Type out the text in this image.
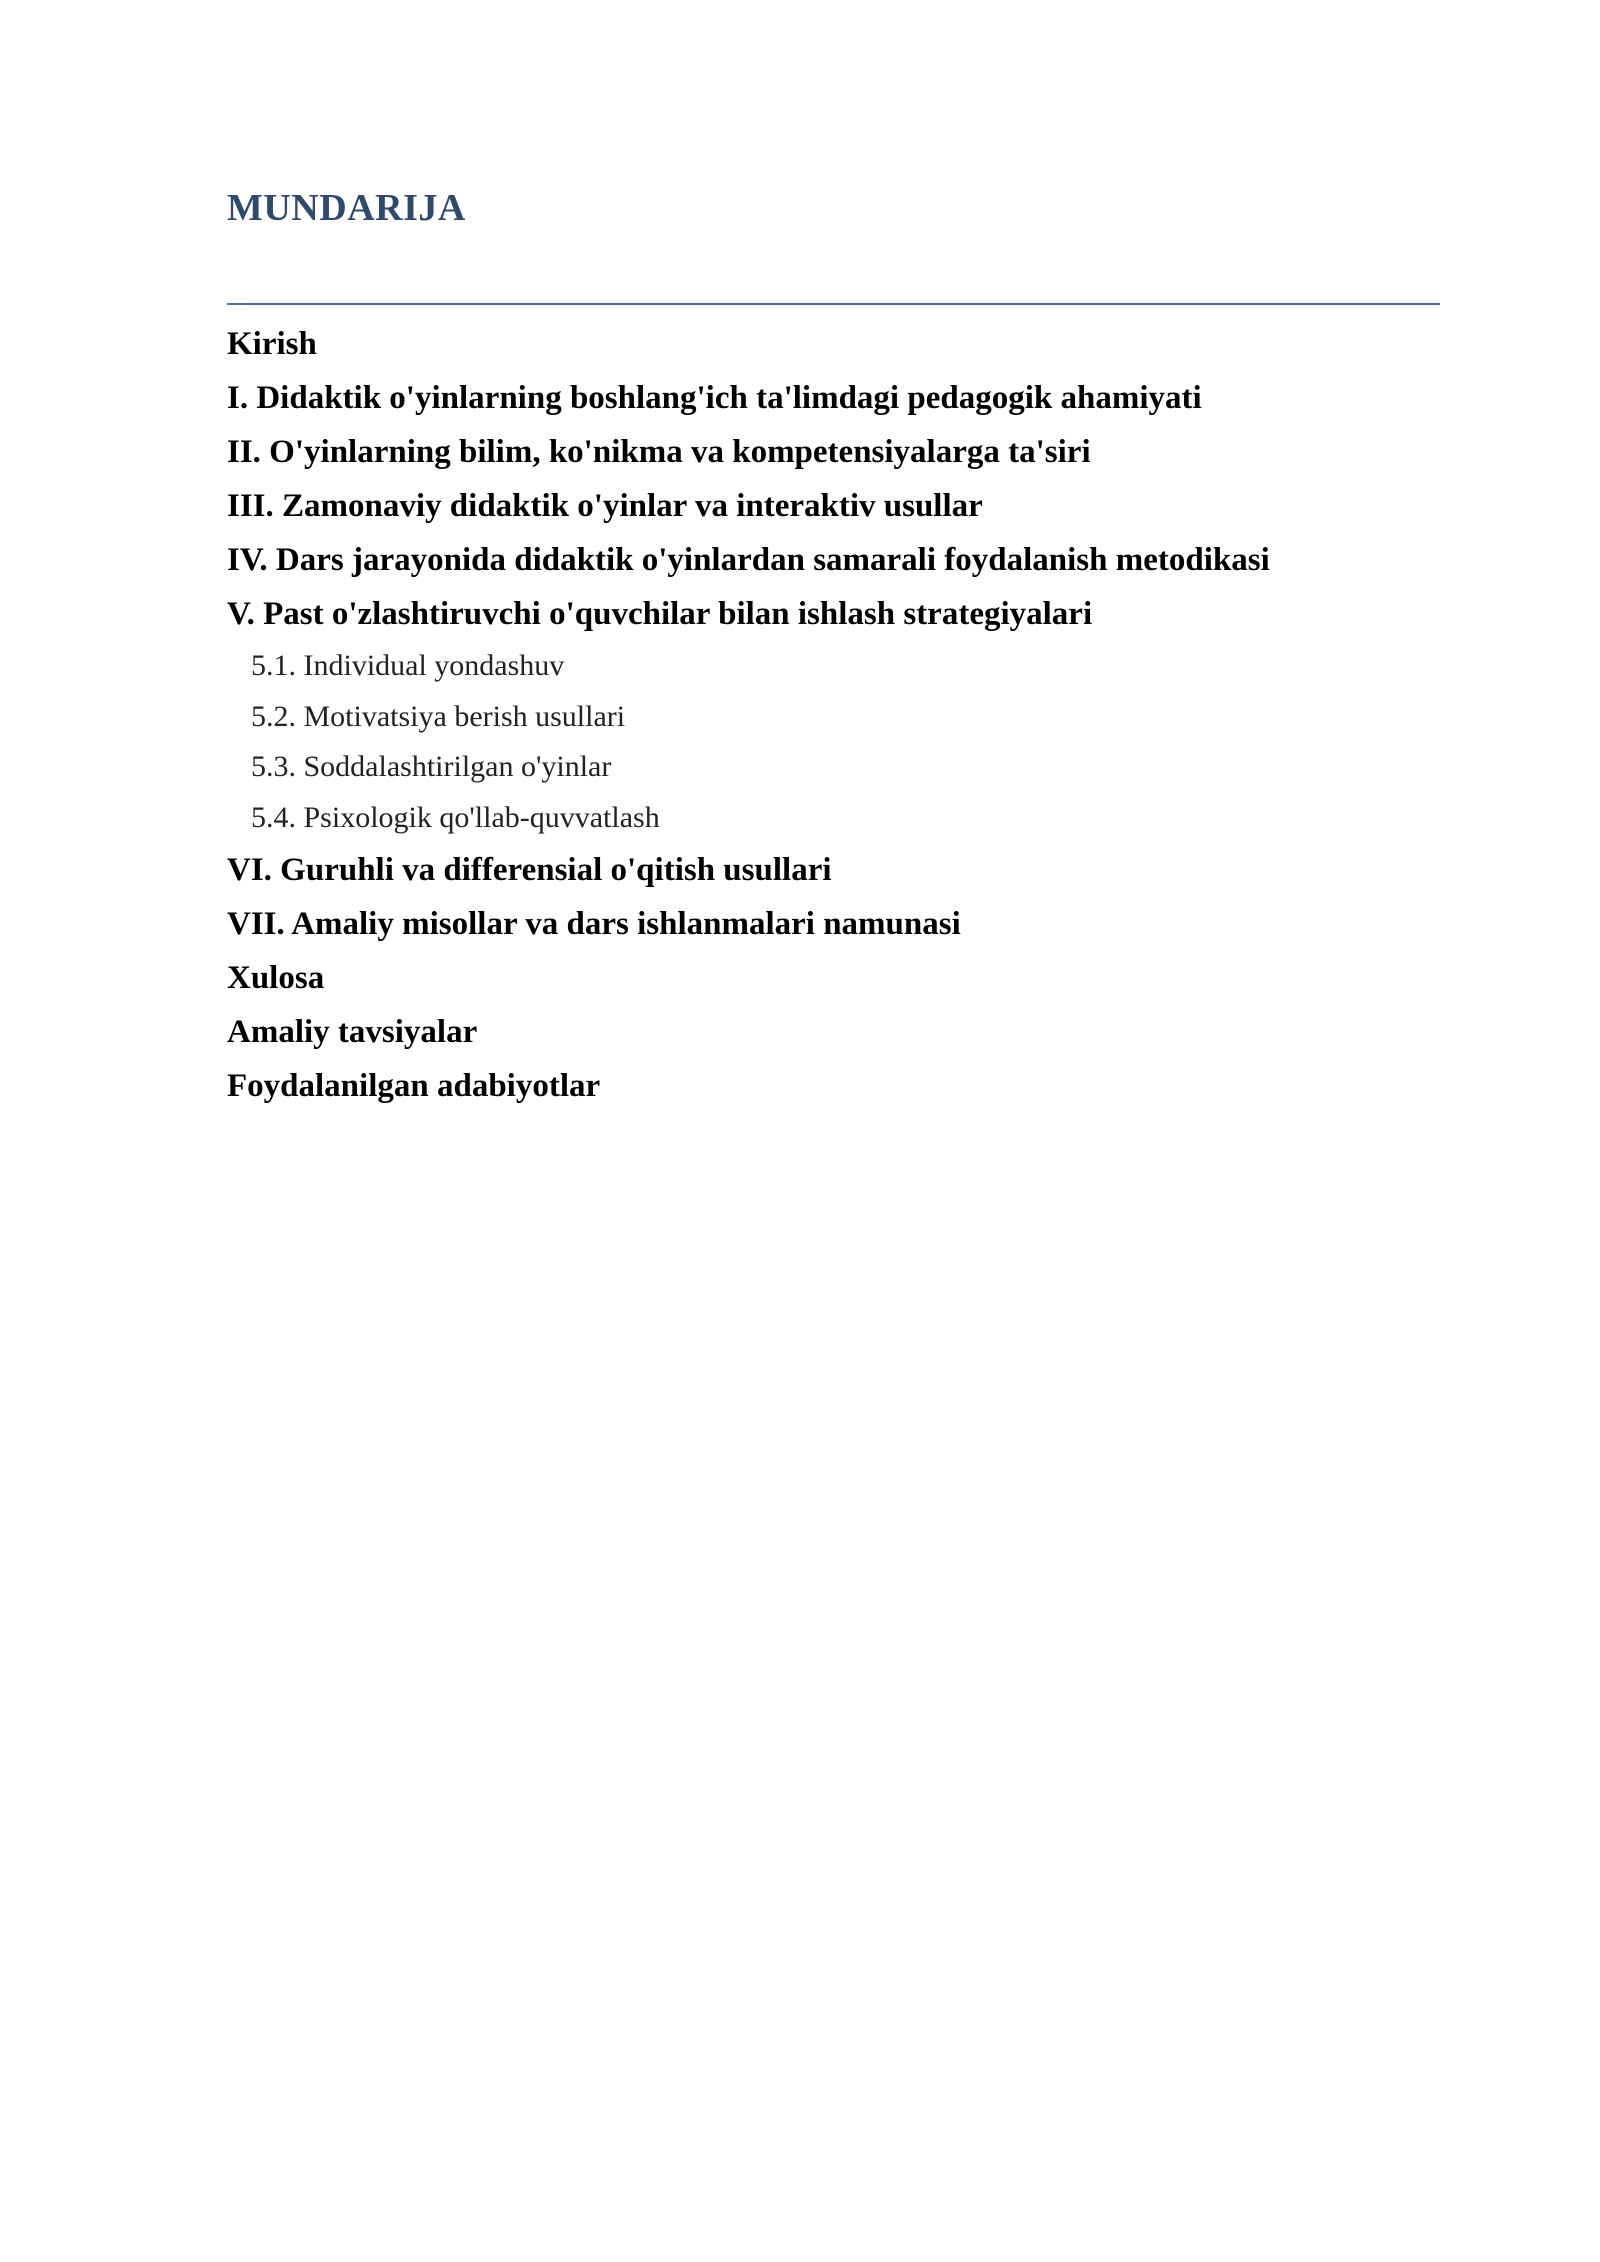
MUNDARIJA
Kirish
I. Didaktik o'yinlarning boshlang'ich ta'limdagi pedagogik ahamiyati
II. O'yinlarning bilim, ko'nikma va kompetensiyalarga ta'siri
III. Zamonaviy didaktik o'yinlar va interaktiv usullar
IV. Dars jarayonida didaktik o'yinlardan samarali foydalanish metodikasi
V. Past o'zlashtiruvchi o'quvchilar bilan ishlash strategiyalari
5.1. Individual yondashuv
5.2. Motivatsiya berish usullari
5.3. Soddalashtirilgan o'yinlar
5.4. Psixologik qo'llab-quvvatlash
VI. Guruhli va differensial o'qitish usullari
VII. Amaliy misollar va dars ishlanmalari namunasi
Xulosa
Amaliy tavsiyalar
Foydalanilgan adabiyotlar
